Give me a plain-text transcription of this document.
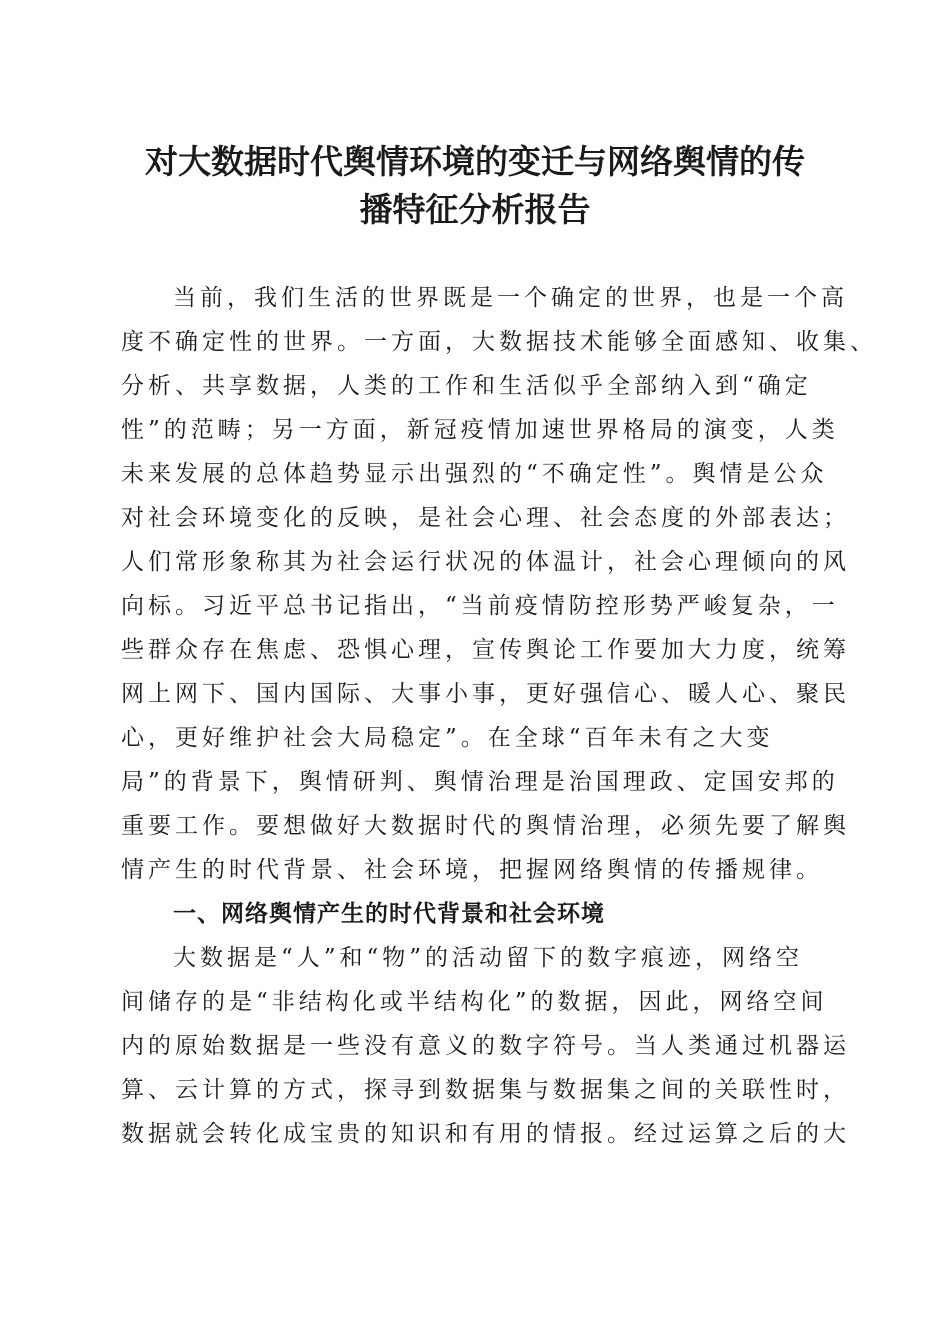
对大数据时代舆情环境的变迁与网络舆情的传
播特征分析报告
当前，我们生活的世界既是一个确定的世界，也是一个高
度不确定性的世界。一方面，大数据技术能够全面感知、收集、
分析、共享数据，人类的工作和生活似乎全部纳入到“确定
性”的范畴；另一方面，新冠疫情加速世界格局的演变，人类
未来发展的总体趋势显示出强烈的“不确定性”。舆情是公众
对社会环境变化的反映，是社会心理、社会态度的外部表达；
人们常形象称其为社会运行状况的体温计，社会心理倾向的风
向标。习近平总书记指出，“当前疫情防控形势严峻复杂，一
些群众存在焦虑、恐惧心理，宣传舆论工作要加大力度，统筹
网上网下、国内国际、大事小事，更好强信心、暖人心、聚民
心，更好维护社会大局稳定”。在全球“百年未有之大变
局”的背景下，舆情研判、舆情治理是治国理政、定国安邦的
重要工作。要想做好大数据时代的舆情治理，必须先要了解舆
情产生的时代背景、社会环境，把握网络舆情的传播规律。
一、网络舆情产生的时代背景和社会环境
大数据是“人”和“物”的活动留下的数字痕迹，网络空
间储存的是“非结构化或半结构化”的数据，因此，网络空间
内的原始数据是一些没有意义的数字符号。当人类通过机器运
算、云计算的方式，探寻到数据集与数据集之间的关联性时，
数据就会转化成宝贵的知识和有用的情报。经过运算之后的大
